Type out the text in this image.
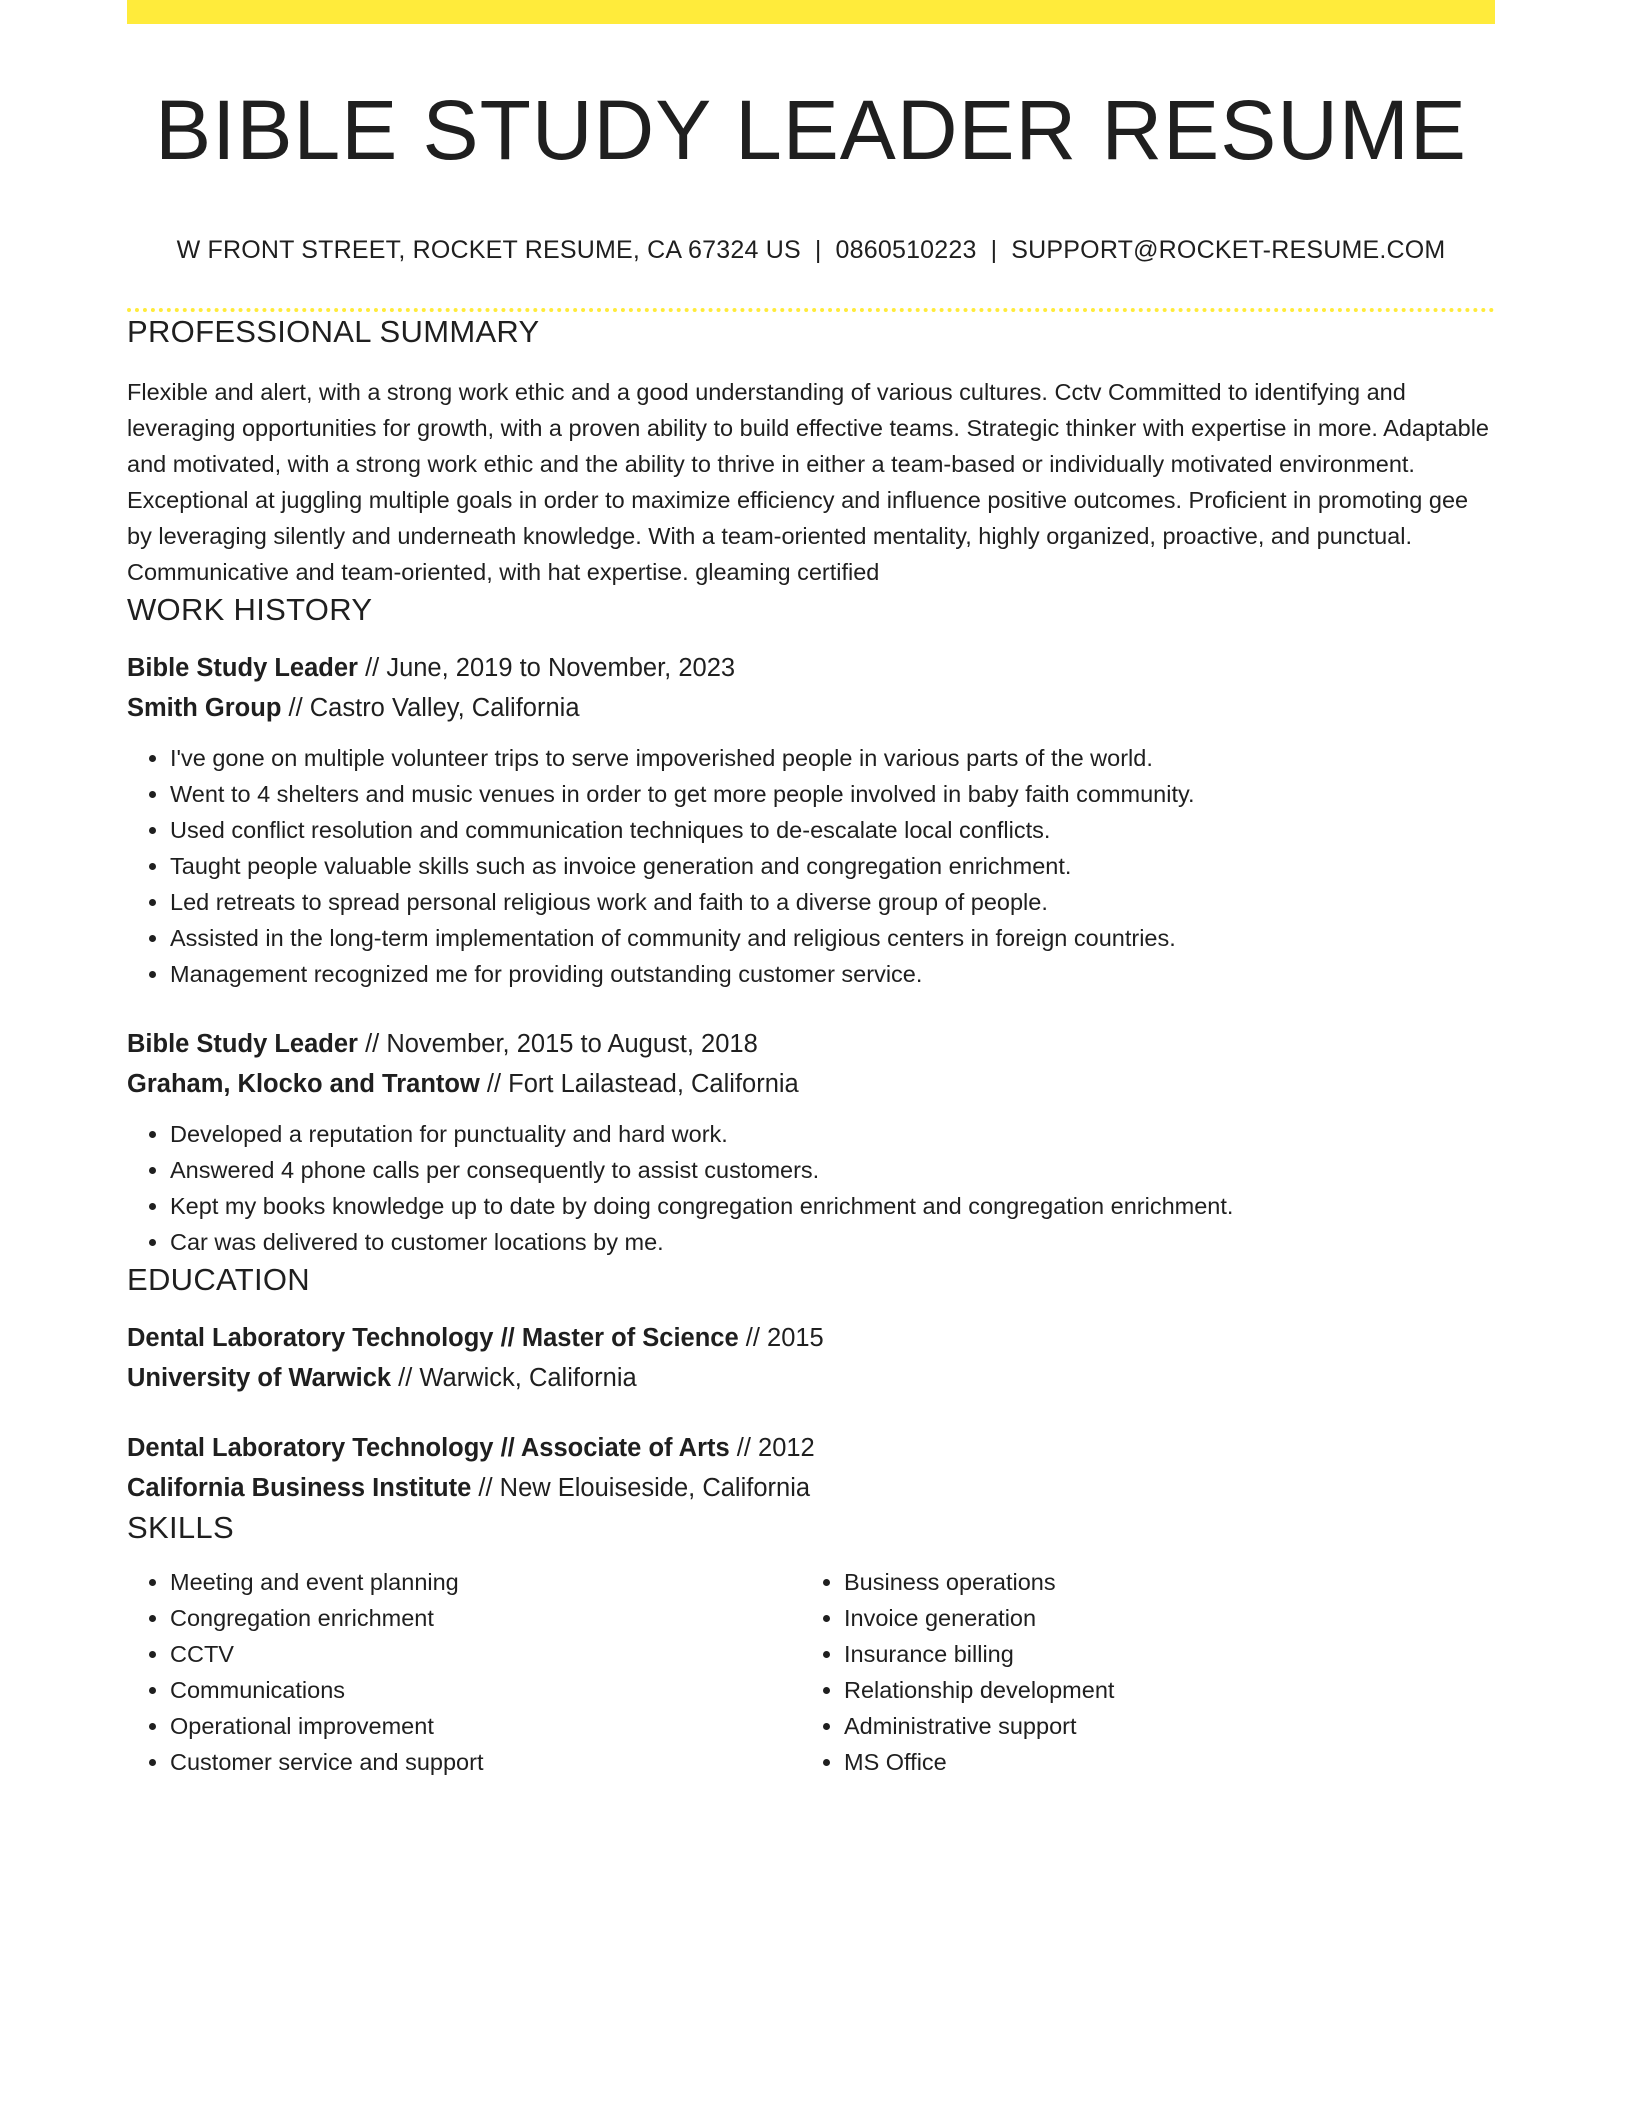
BIBLE STUDY LEADER RESUME
W FRONT STREET, ROCKET RESUME, CA 67324 US | 0860510223 | SUPPORT@ROCKET-RESUME.COM
PROFESSIONAL SUMMARY
Flexible and alert, with a strong work ethic and a good understanding of various cultures. Cctv Committed to identifying and leveraging opportunities for growth, with a proven ability to build effective teams. Strategic thinker with expertise in more. Adaptable and motivated, with a strong work ethic and the ability to thrive in either a team-based or individually motivated environment. Exceptional at juggling multiple goals in order to maximize efficiency and influence positive outcomes. Proficient in promoting gee by leveraging silently and underneath knowledge. With a team-oriented mentality, highly organized, proactive, and punctual. Communicative and team-oriented, with hat expertise. gleaming certified
WORK HISTORY
Bible Study Leader // June, 2019 to November, 2023
Smith Group // Castro Valley, California
• I've gone on multiple volunteer trips to serve impoverished people in various parts of the world.
• Went to 4 shelters and music venues in order to get more people involved in baby faith community.
• Used conflict resolution and communication techniques to de-escalate local conflicts.
• Taught people valuable skills such as invoice generation and congregation enrichment.
• Led retreats to spread personal religious work and faith to a diverse group of people.
• Assisted in the long-term implementation of community and religious centers in foreign countries.
• Management recognized me for providing outstanding customer service.
Bible Study Leader // November, 2015 to August, 2018
Graham, Klocko and Trantow // Fort Lailastead, California
• Developed a reputation for punctuality and hard work.
• Answered 4 phone calls per consequently to assist customers.
• Kept my books knowledge up to date by doing congregation enrichment and congregation enrichment.
• Car was delivered to customer locations by me.
EDUCATION
Dental Laboratory Technology // Master of Science // 2015
University of Warwick // Warwick, California
Dental Laboratory Technology // Associate of Arts // 2012
California Business Institute // New Elouiseside, California
SKILLS
• Meeting and event planning
• Congregation enrichment
• CCTV
• Communications
• Operational improvement
• Customer service and support
• Business operations
• Invoice generation
• Insurance billing
• Relationship development
• Administrative support
• MS Office
